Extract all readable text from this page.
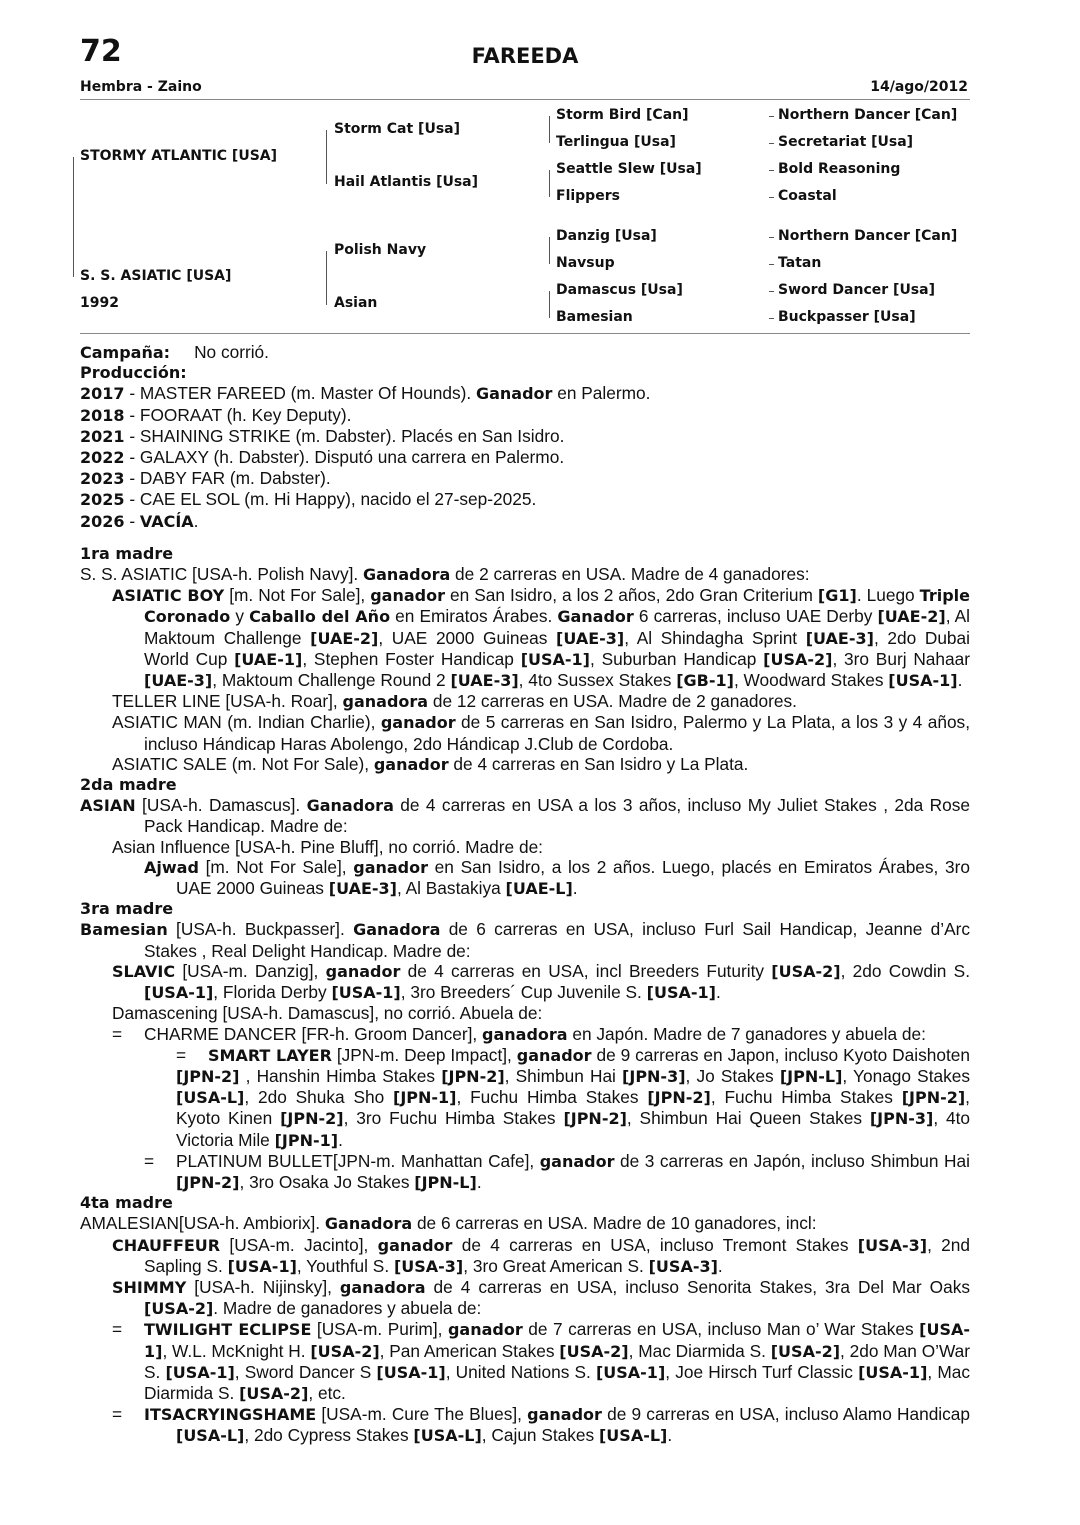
72	FAREEDA
Hembra - Zaino	14/ago/2012
STORMY ATLANTIC [USA]
S. S. ASIATIC [USA]
1992
Storm Cat [Usa]
Hail Atlantis [Usa]
Polish Navy
Asian
Storm Bird [Can]
Terlingua [Usa]
Seattle Slew [Usa]
Flippers
Danzig [Usa]
Navsup
Damascus [Usa]
Bamesian
Northern Dancer [Can]
Secretariat [Usa]
Bold Reasoning
Coastal
Northern Dancer [Can]
Tatan
Sword Dancer [Usa]
Buckpasser [Usa]

Campaña: No corrió.

Producción:

2017 - MASTER FAREED (m. Master Of Hounds). Ganador en Palermo.

2018 - FOORAAT (h. Key Deputy).

2021 - SHAINING STRIKE (m. Dabster). Placés en San Isidro.

2022 - GALAXY (h. Dabster). Disputó una carrera en Palermo.

2023 - DABY FAR (m. Dabster).

2025 - CAE EL SOL (m. Hi Happy), nacido el 27-sep-2025.

2026 - VACÍA.

1ra madre

S. S. ASIATIC [USA-h. Polish Navy]. Ganadora de 2 carreras en USA. Madre de 4 ganadores:

ASIATIC BOY [m. Not For Sale], ganador en San Isidro, a los 2 años, 2do Gran Criterium [G1]. Luego Triple Coronado y Caballo del Año en Emiratos Árabes. Ganador 6 carreras, incluso UAE Derby [UAE-2], Al Maktoum Challenge [UAE-2], UAE 2000 Guineas [UAE-3], Al Shindagha Sprint [UAE-3], 2do Dubai World Cup [UAE-1], Stephen Foster Handicap [USA-1], Suburban Handicap [USA-2], 3ro Burj Nahaar [UAE-3], Maktoum Challenge Round 2 [UAE-3], 4to Sussex Stakes [GB-1], Woodward Stakes [USA-1].

TELLER LINE [USA-h. Roar], ganadora de 12 carreras en USA. Madre de 2 ganadores.

ASIATIC MAN (m. Indian Charlie), ganador de 5 carreras en San Isidro, Palermo y La Plata, a los 3 y 4 años, incluso Hándicap Haras Abolengo, 2do Hándicap J.Club de Cordoba.

ASIATIC SALE (m. Not For Sale), ganador de 4 carreras en San Isidro y La Plata.

2da madre

ASIAN [USA-h. Damascus]. Ganadora de 4 carreras en USA a los 3 años, incluso My Juliet Stakes , 2da Rose Pack Handicap. Madre de:

Asian Influence [USA-h. Pine Bluff], no corrió. Madre de:

Ajwad [m. Not For Sale], ganador en San Isidro, a los 2 años. Luego, placés en Emiratos Árabes, 3ro UAE 2000 Guineas [UAE-3], Al Bastakiya [UAE-L].

3ra madre

Bamesian [USA-h. Buckpasser]. Ganadora de 6 carreras en USA, incluso Furl Sail Handicap, Jeanne d’Arc Stakes , Real Delight Handicap. Madre de:

SLAVIC [USA-m. Danzig], ganador de 4 carreras en USA, incl Breeders Futurity [USA-2], 2do Cowdin S. [USA-1], Florida Derby [USA-1], 3ro Breeders´ Cup Juvenile S. [USA-1].

Damascening [USA-h. Damascus], no corrió. Abuela de:

= CHARME DANCER [FR-h. Groom Dancer], ganadora en Japón. Madre de 7 ganadores y abuela de:

= SMART LAYER [JPN-m. Deep Impact], ganador de 9 carreras en Japon, incluso Kyoto Daishoten [JPN-2] , Hanshin Himba Stakes [JPN-2], Shimbun Hai [JPN-3], Jo Stakes [JPN-L], Yonago Stakes [USA-L], 2do Shuka Sho [JPN-1], Fuchu Himba Stakes [JPN-2], Fuchu Himba Stakes [JPN-2], Kyoto Kinen [JPN-2], 3ro Fuchu Himba Stakes [JPN-2], Shimbun Hai Queen Stakes [JPN-3], 4to Victoria Mile [JPN-1].

= PLATINUM BULLET[JPN-m. Manhattan Cafe], ganador de 3 carreras en Japón, incluso Shimbun Hai [JPN-2], 3ro Osaka Jo Stakes [JPN-L].

4ta madre

AMALESIAN[USA-h. Ambiorix]. Ganadora de 6 carreras en USA. Madre de 10 ganadores, incl:

CHAUFFEUR [USA-m. Jacinto], ganador de 4 carreras en USA, incluso Tremont Stakes [USA-3], 2nd Sapling S. [USA-1], Youthful S. [USA-3], 3ro Great American S. [USA-3].

SHIMMY [USA-h. Nijinsky], ganadora de 4 carreras en USA, incluso Senorita Stakes, 3ra Del Mar Oaks [USA-2]. Madre de ganadores y abuela de:

= TWILIGHT ECLIPSE [USA-m. Purim], ganador de 7 carreras en USA, incluso Man o’ War Stakes [USA-1], W.L. McKnight H. [USA-2], Pan American Stakes [USA-2], Mac Diarmida S. [USA-2], 2do Man O’War S. [USA-1], Sword Dancer S [USA-1], United Nations S. [USA-1], Joe Hirsch Turf Classic [USA-1], Mac Diarmida S. [USA-2], etc.

= ITSACRYINGSHAME [USA-m. Cure The Blues], ganador de 9 carreras en USA, incluso Alamo Handicap [USA-L], 2do Cypress Stakes [USA-L], Cajun Stakes [USA-L].
